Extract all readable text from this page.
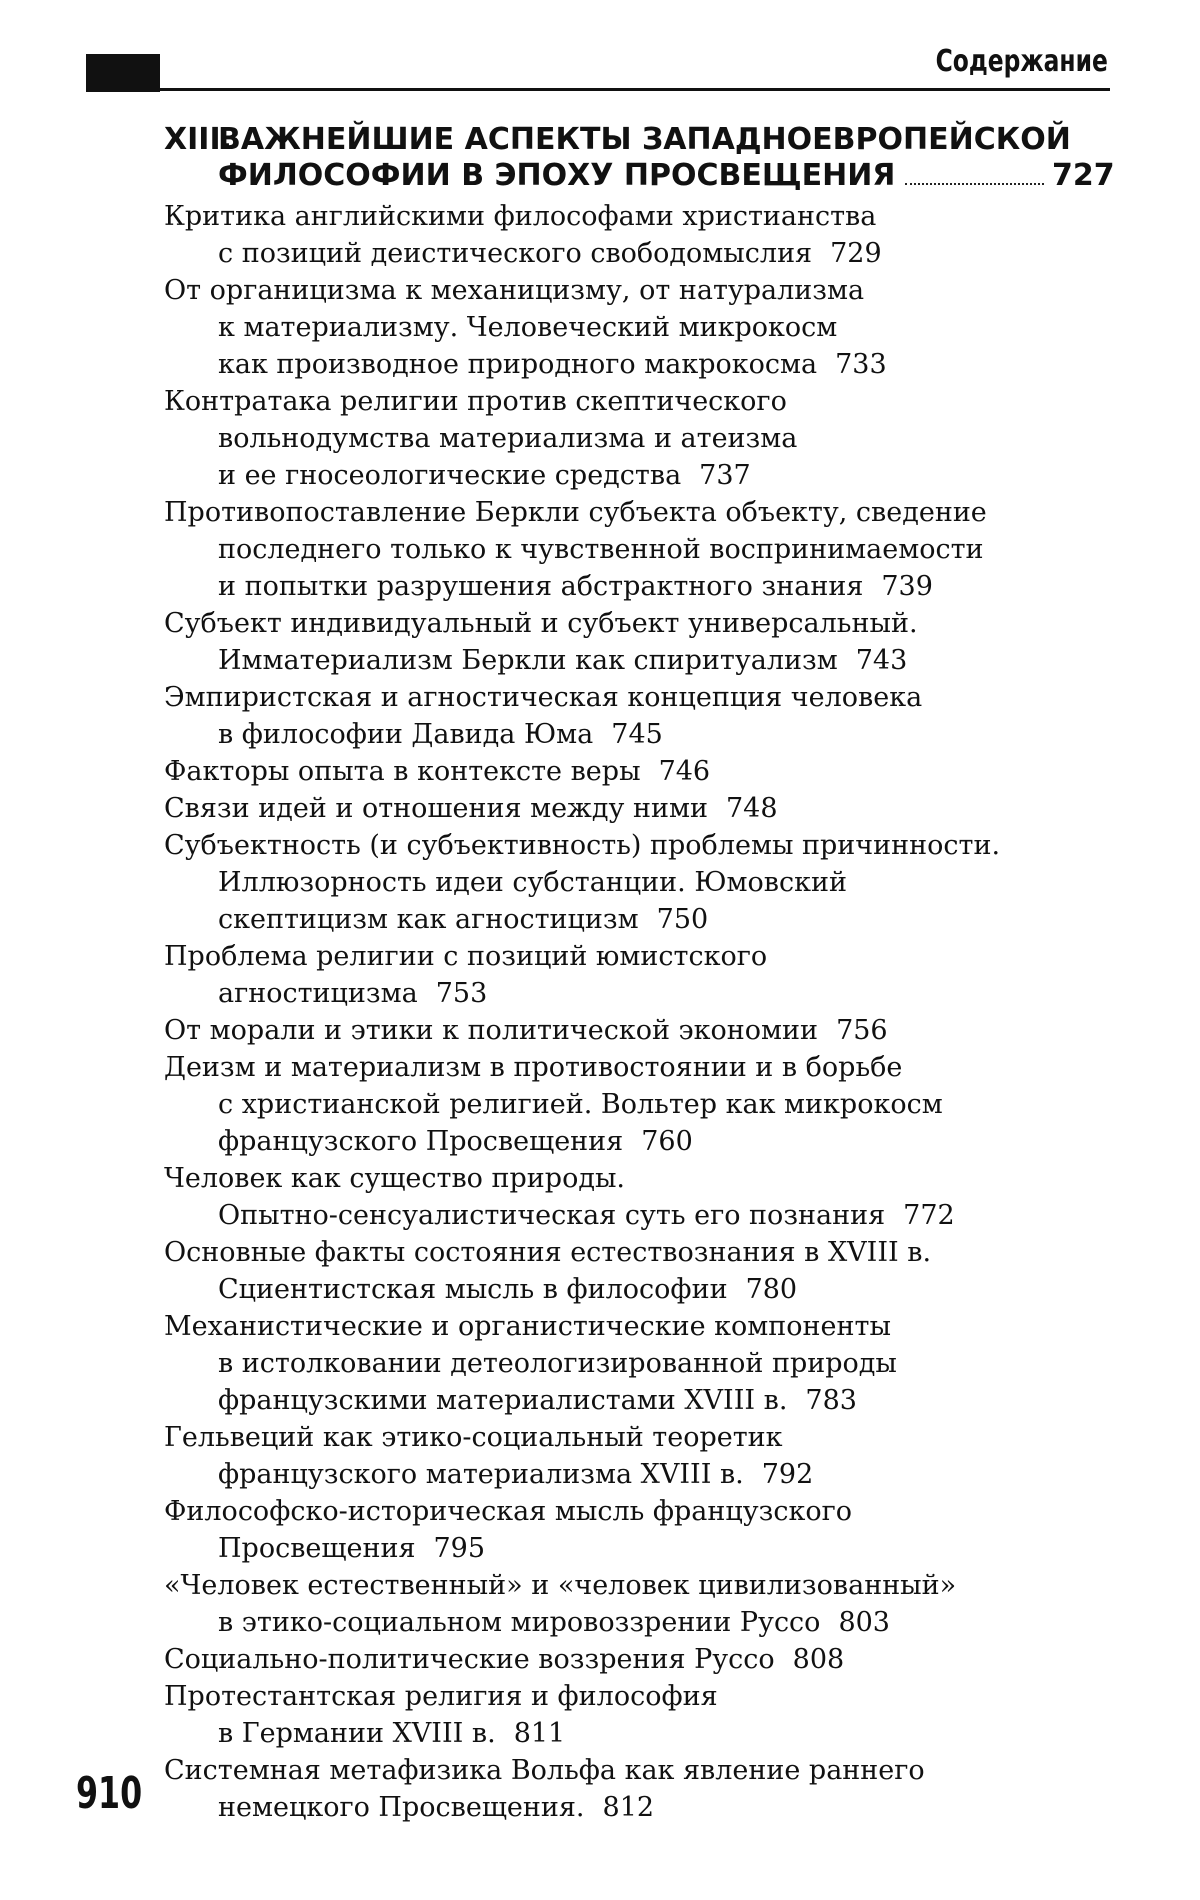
Содержание
XIII.ВАЖНЕЙШИЕ АСПЕКТЫ ЗАПАДНОЕВРОПЕЙСКОЙ
ФИЛОСОФИИ В ЭПОХУ ПРОСВЕЩЕНИЯ	727
Критика английскими философами христианства
с позиций деистического свободомыслия 729
От органицизма к механицизму, от натурализма
к материализму. Человеческий микрокосм
как производное природного макрокосма 733
Контратака религии против скептического
вольнодумства материализма и атеизма
и ее гносеологические средства 737
Противопоставление Беркли субъекта объекту, сведение
последнего только к чувственной воспринимаемости
и попытки разрушения абстрактного знания 739
Субъект индивидуальный и субъект универсальный.
Имматериализм Беркли как спиритуализм 743
Эмпиристская и агностическая концепция человека
в философии Давида Юма 745
Факторы опыта в контексте веры 746
Связи идей и отношения между ними 748
Субъектность (и субъективность) проблемы причинности.
Иллюзорность идеи субстанции. Юмовский
скептицизм как агностицизм 750
Проблема религии с позиций юмистского
агностицизма 753
От морали и этики к политической экономии 756
Деизм и материализм в противостоянии и в борьбе
с христианской религией. Вольтер как микрокосм
французского Просвещения 760
Человек как существо природы.
Опытно-сенсуалистическая суть его познания 772
Основные факты состояния естествознания в XVIII в.
Сциентистская мысль в философии 780
Механистические и органистические компоненты
в истолковании детеологизированной природы
французскими материалистами XVIII в. 783
Гельвеций как этико-социальный теоретик
французского материализма XVIII в. 792
Философско-историческая мысль французского
Просвещения 795
«Человек естественный» и «человек цивилизованный»
в этико-социальном мировоззрении Руссо 803
Социально-политические воззрения Руссо 808
Протестантская религия и философия
в Германии XVIII в. 811
Системная метафизика Вольфа как явление раннего
немецкого Просвещения. 812
910
